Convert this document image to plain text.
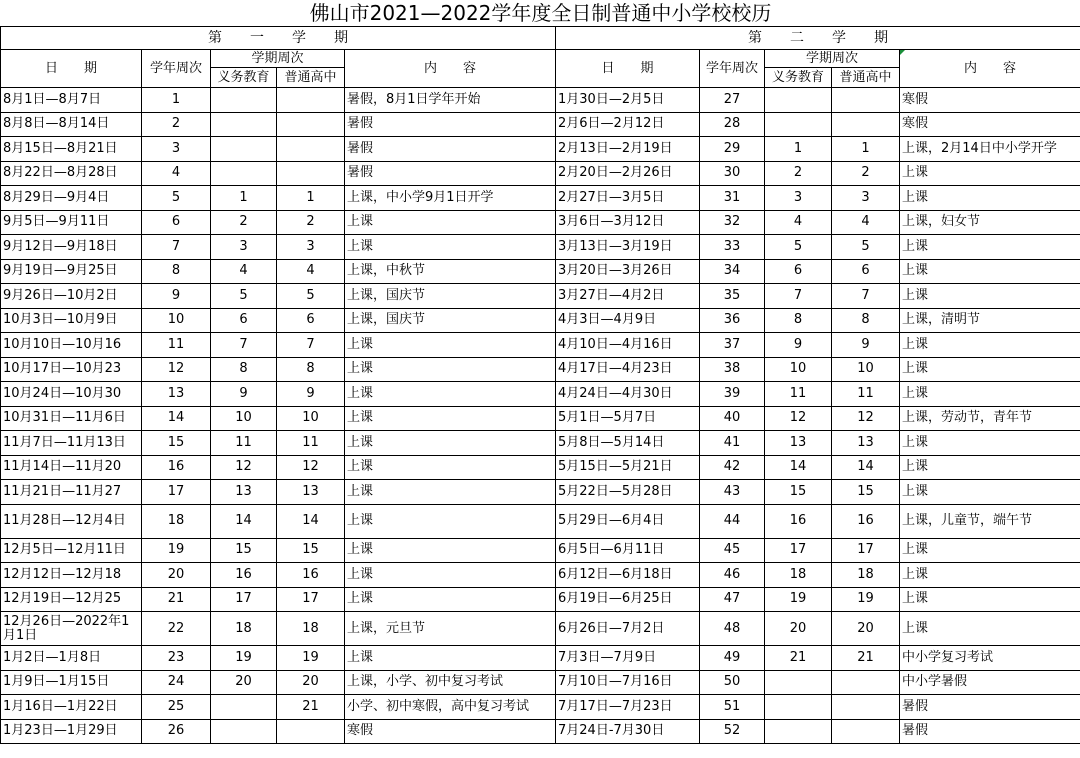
佛山市2021—2022学年度全日制普通中小学校校历									
第　　一　　学　　期					第　　二　　学　　期				
日　　期	学年周次	学期周次		内　　容	日　　期	学年周次	学期周次		内　　容
		义务教育	普通高中				义务教育	普通高中	
8月1日—8月7日	1			暑假，8月1日学年开始	1月30日—2月5日	27			寒假
8月8日—8月14日	2			暑假	2月6日—2月12日	28			寒假
8月15日—8月21日	3			暑假	2月13日—2月19日	29	1	1	上课，2月14日中小学开学
8月22日—8月28日	4			暑假	2月20日—2月26日	30	2	2	上课
8月29日—9月4日	5	1	1	上课，中小学9月1日开学	2月27日—3月5日	31	3	3	上课
9月5日—9月11日	6	2	2	上课	3月6日—3月12日	32	4	4	上课，妇女节
9月12日—9月18日	7	3	3	上课	3月13日—3月19日	33	5	5	上课
9月19日—9月25日	8	4	4	上课，中秋节	3月20日—3月26日	34	6	6	上课
9月26日—10月2日	9	5	5	上课，国庆节	3月27日—4月2日	35	7	7	上课
10月3日—10月9日	10	6	6	上课，国庆节	4月3日—4月9日	36	8	8	上课，清明节
10月10日—10月16	11	7	7	上课	4月10日—4月16日	37	9	9	上课
10月17日—10月23	12	8	8	上课	4月17日—4月23日	38	10	10	上课
10月24日—10月30	13	9	9	上课	4月24日—4月30日	39	11	11	上课
10月31日—11月6日	14	10	10	上课	5月1日—5月7日	40	12	12	上课，劳动节，青年节
11月7日—11月13日	15	11	11	上课	5月8日—5月14日	41	13	13	上课
11月14日—11月20	16	12	12	上课	5月15日—5月21日	42	14	14	上课
11月21日—11月27	17	13	13	上课	5月22日—5月28日	43	15	15	上课
11月28日—12月4日	18	14	14	上课	5月29日—6月4日	44	16	16	上课，儿童节，端午节
12月5日—12月11日	19	15	15	上课	6月5日—6月11日	45	17	17	上课
12月12日—12月18	20	16	16	上课	6月12日—6月18日	46	18	18	上课
12月19日—12月25	21	17	17	上课	6月19日—6月25日	47	19	19	上课
12月26日—2022年1月1日	22	18	18	上课，元旦节	6月26日—7月2日	48	20	20	上课
1月2日—1月8日	23	19	19	上课	7月3日—7月9日	49	21	21	中小学复习考试
1月9日—1月15日	24	20	20	上课，小学、初中复习考试	7月10日—7月16日	50			中小学暑假
1月16日—1月22日	25		21	小学、初中寒假，高中复习考试	7月17日—7月23日	51			暑假
1月23日—1月29日	26			寒假	7月24日-7月30日	52			暑假
